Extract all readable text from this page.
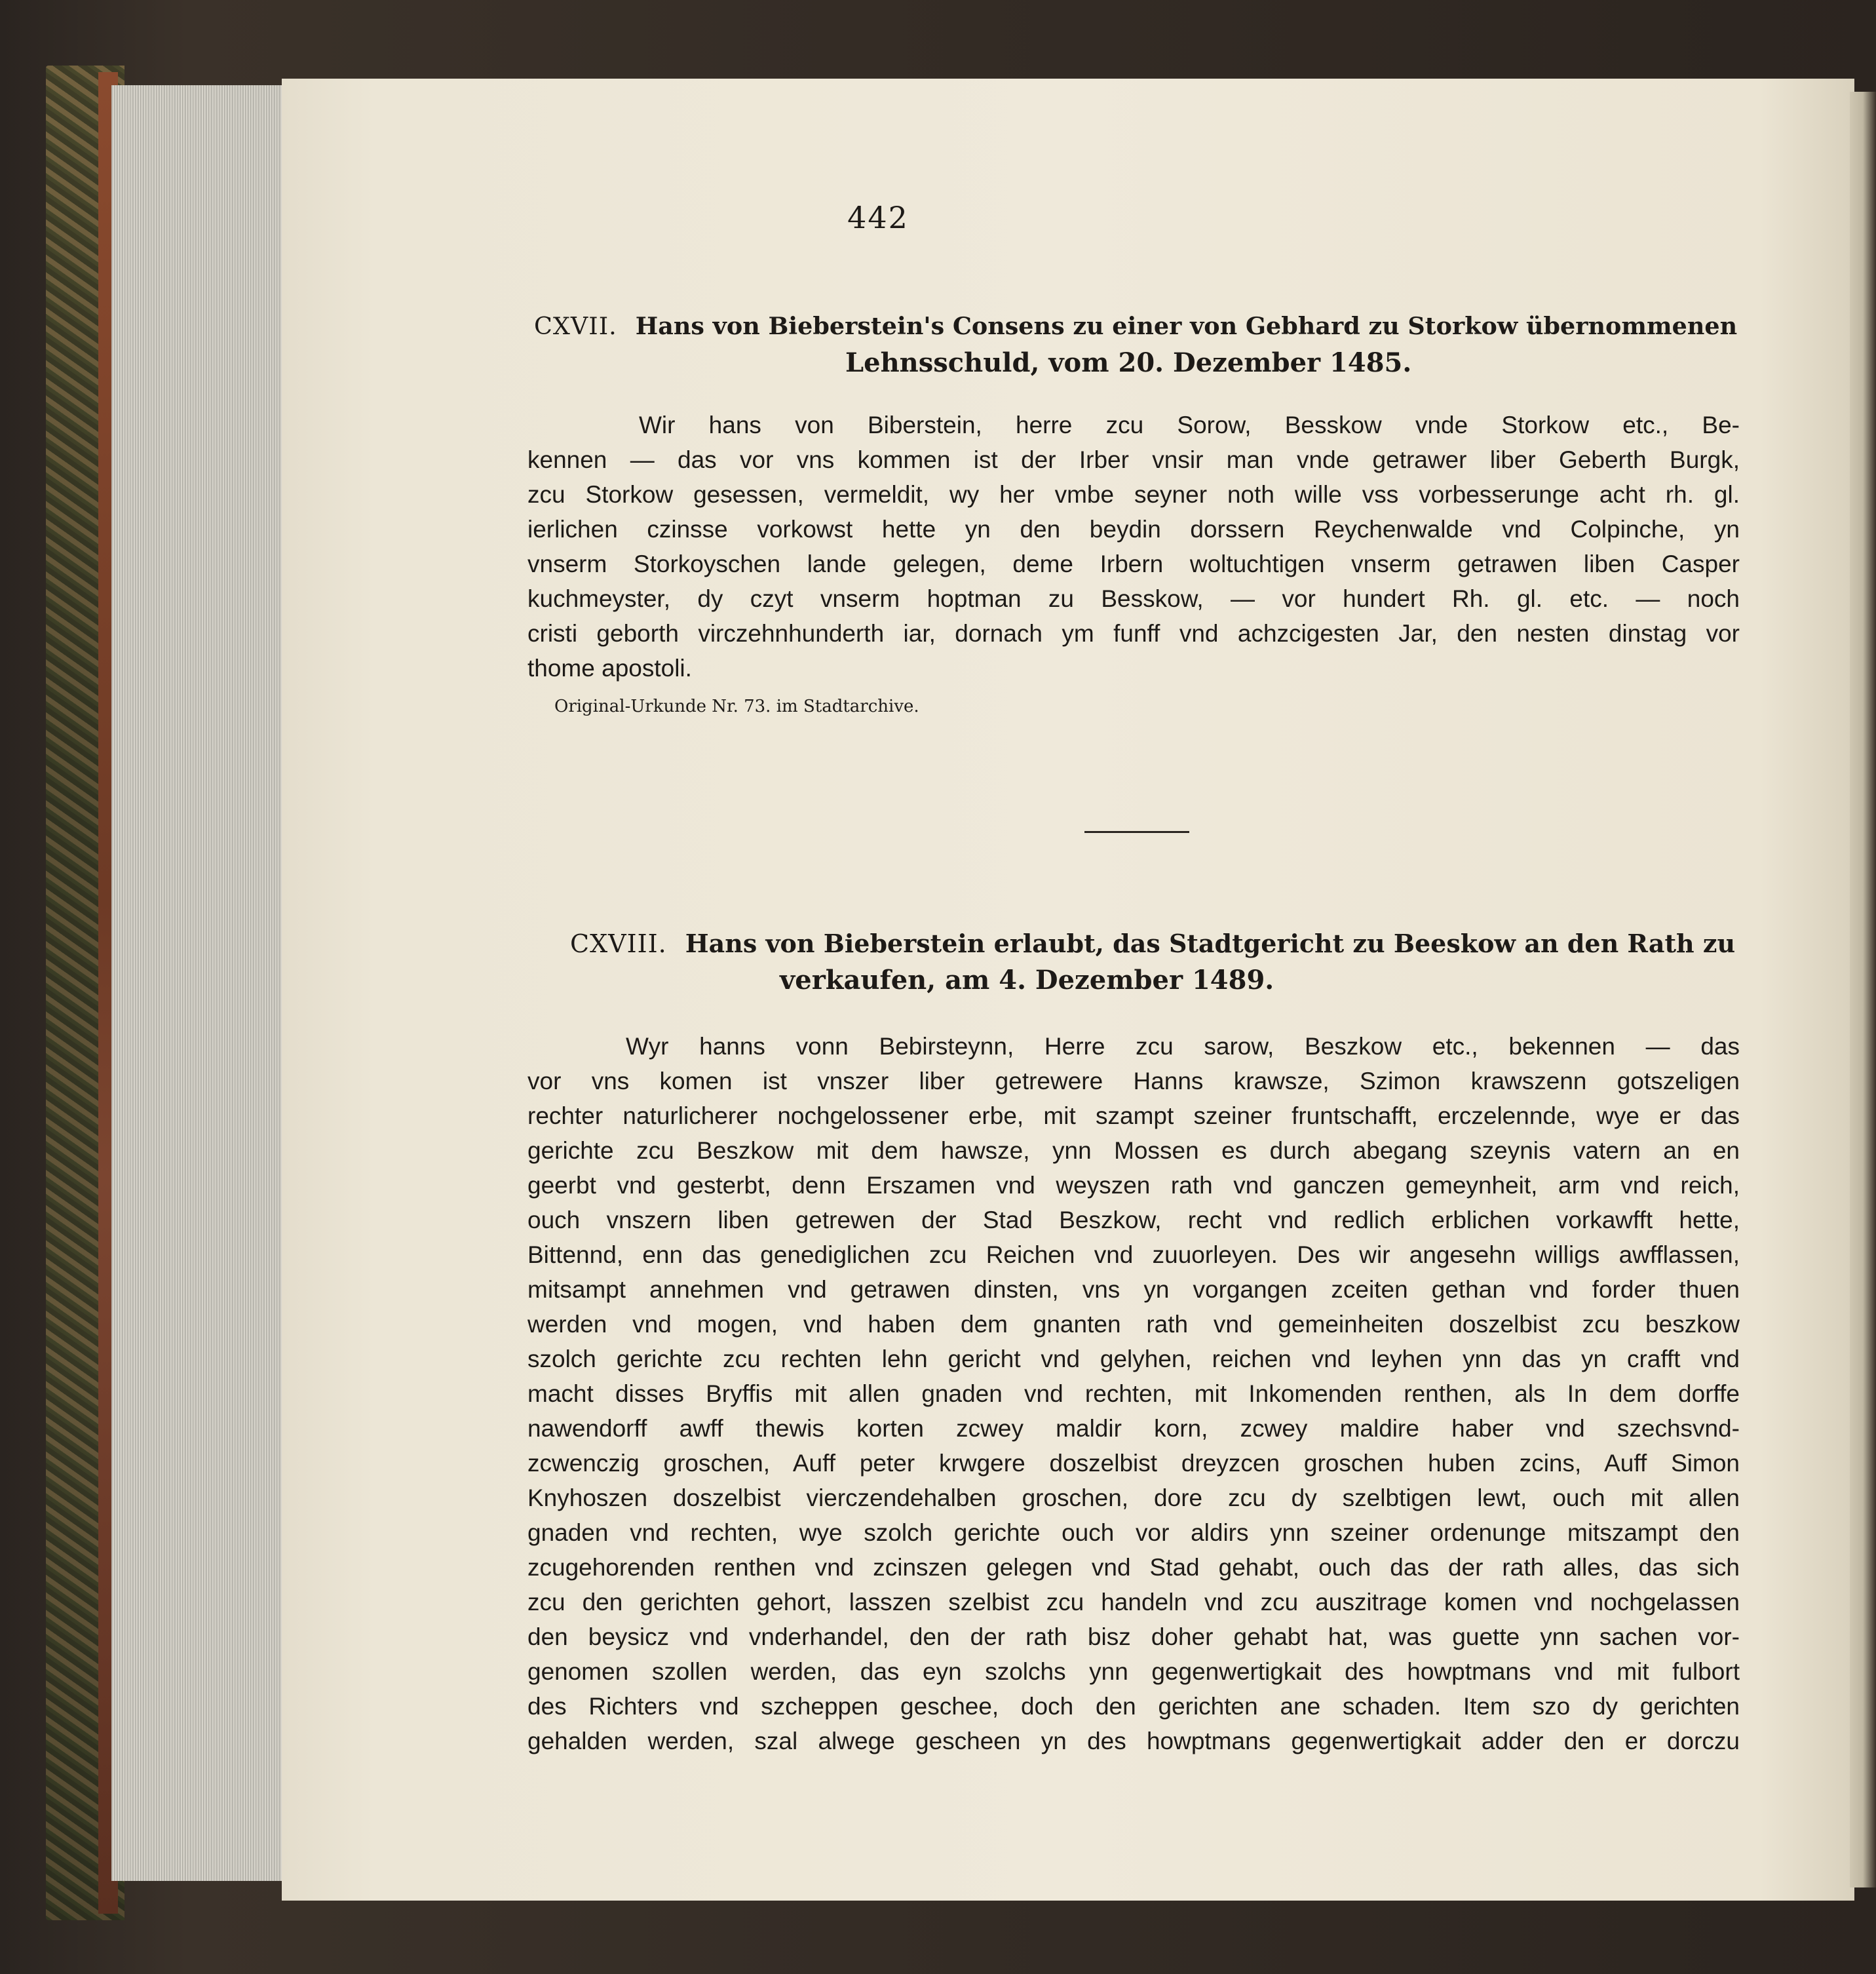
442
CXVII. Hans von Bieberstein's Consens zu einer von Gebhard zu Storkow übernommenen
Lehnsschuld, vom 20. Dezember 1485.
Wir hans von Biberstein, herre zcu Sorow, Besskow vnde Storkow etc., Be-
kennen — das vor vns kommen ist der Irber vnsir man vnde getrawer liber Geberth Burgk,
zcu Storkow gesessen, vermeldit, wy her vmbe seyner noth wille vss vorbesserunge acht rh. gl.
ierlichen czinsse vorkowst hette yn den beydin dorssern Reychenwalde vnd Colpinche, yn
vnserm Storkoyschen lande gelegen, deme Irbern woltuchtigen vnserm getrawen liben Casper
kuchmeyster, dy czyt vnserm hoptman zu Besskow, — vor hundert Rh. gl. etc. — noch
cristi geborth virczehnhunderth iar, dornach ym funff vnd achzcigesten Jar, den nesten dinstag vor
thome apostoli.
Original-Urkunde Nr. 73. im Stadtarchive.
CXVIII. Hans von Bieberstein erlaubt, das Stadtgericht zu Beeskow an den Rath zu
verkaufen, am 4. Dezember 1489.
Wyr hanns vonn Bebirsteynn, Herre zcu sarow, Beszkow etc., bekennen — das
vor vns komen ist vnszer liber getrewere Hanns krawsze, Szimon krawszenn gotszeligen
rechter naturlicherer nochgelossener erbe, mit szampt szeiner fruntschafft, erczelennde, wye er das
gerichte zcu Beszkow mit dem hawsze, ynn Mossen es durch abegang szeynis vatern an en
geerbt vnd gesterbt, denn Erszamen vnd weyszen rath vnd ganczen gemeynheit, arm vnd reich,
ouch vnszern liben getrewen der Stad Beszkow, recht vnd redlich erblichen vorkawfft hette,
Bittennd, enn das genediglichen zcu Reichen vnd zuuorleyen. Des wir angesehn willigs awfflassen,
mitsampt annehmen vnd getrawen dinsten, vns yn vorgangen zceiten gethan vnd forder thuen
werden vnd mogen, vnd haben dem gnanten rath vnd gemeinheiten doszelbist zcu beszkow
szolch gerichte zcu rechten lehn gericht vnd gelyhen, reichen vnd leyhen ynn das yn crafft vnd
macht disses Bryffis mit allen gnaden vnd rechten, mit Inkomenden renthen, als In dem dorffe
nawendorff awff thewis korten zcwey maldir korn, zcwey maldire haber vnd szechsvnd-
zcwenczig groschen, Auff peter krwgere doszelbist dreyzcen groschen huben zcins, Auff Simon
Knyhoszen doszelbist vierczendehalben groschen, dore zcu dy szelbtigen lewt, ouch mit allen
gnaden vnd rechten, wye szolch gerichte ouch vor aldirs ynn szeiner ordenunge mitszampt den
zcugehorenden renthen vnd zcinszen gelegen vnd Stad gehabt, ouch das der rath alles, das sich
zcu den gerichten gehort, lasszen szelbist zcu handeln vnd zcu auszitrage komen vnd nochgelassen
den beysicz vnd vnderhandel, den der rath bisz doher gehabt hat, was guette ynn sachen vor-
genomen szollen werden, das eyn szolchs ynn gegenwertigkait des howptmans vnd mit fulbort
des Richters vnd szcheppen geschee, doch den gerichten ane schaden. Item szo dy gerichten
gehalden werden, szal alwege gescheen yn des howptmans gegenwertigkait adder den er dorczu
